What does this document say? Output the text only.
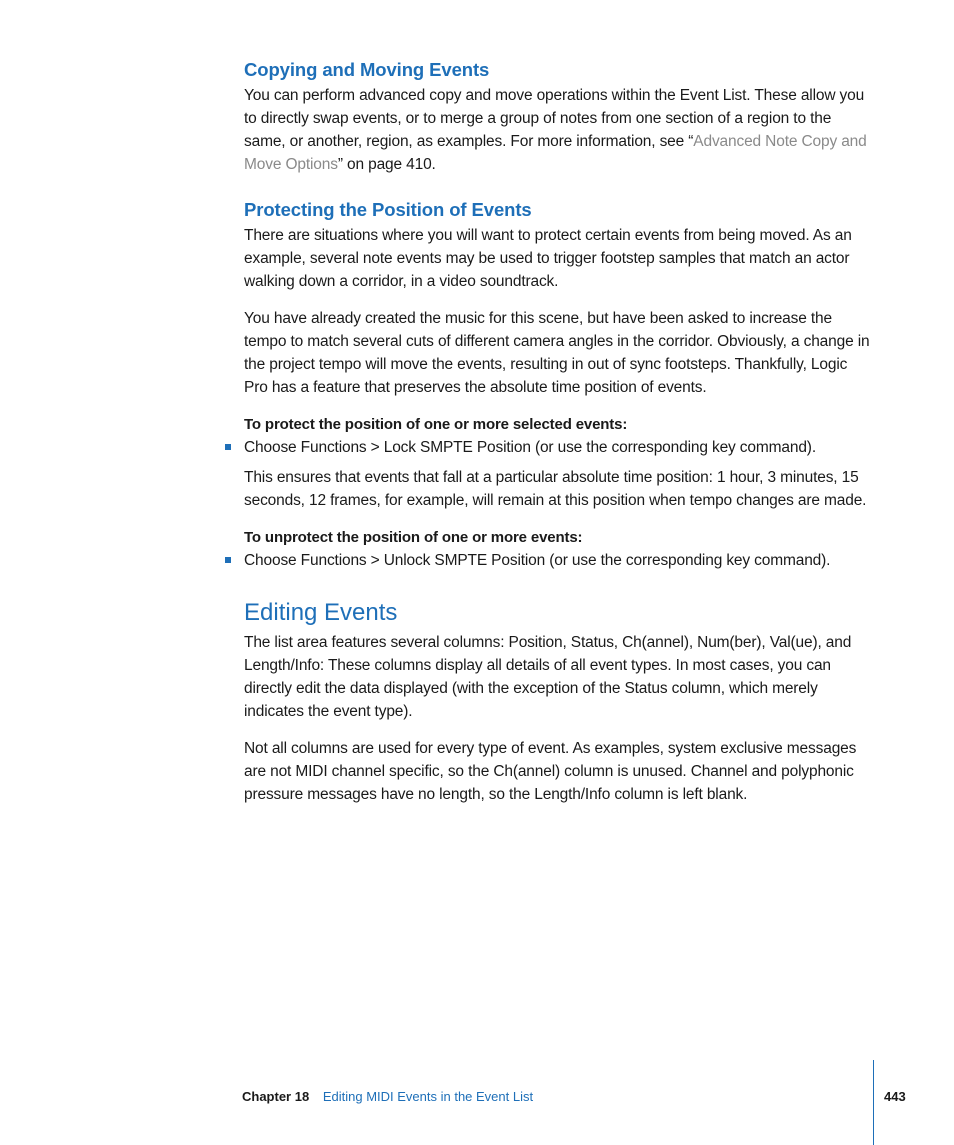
Copying and Moving Events

You can perform advanced copy and move operations within the Event List. These allow you to directly swap events, or to merge a group of notes from one section of a region to the same, or another, region, as examples. For more information, see “Advanced Note Copy and Move Options” on page 410.

Protecting the Position of Events

There are situations where you will want to protect certain events from being moved. As an example, several note events may be used to trigger footstep samples that match an actor walking down a corridor, in a video soundtrack.

You have already created the music for this scene, but have been asked to increase the tempo to match several cuts of different camera angles in the corridor. Obviously, a change in the project tempo will move the events, resulting in out of sync footsteps. Thankfully, Logic Pro has a feature that preserves the absolute time position of events.

To protect the position of one or more selected events:

Choose Functions > Lock SMPTE Position (or use the corresponding key command).

This ensures that events that fall at a particular absolute time position: 1 hour, 3 minutes, 15 seconds, 12 frames, for example, will remain at this position when tempo changes are made.

To unprotect the position of one or more events:

Choose Functions > Unlock SMPTE Position (or use the corresponding key command).

Editing Events

The list area features several columns: Position, Status, Ch(annel), Num(ber), Val(ue), and Length/Info: These columns display all details of all event types. In most cases, you can directly edit the data displayed (with the exception of the Status column, which merely indicates the event type).

Not all columns are used for every type of event. As examples, system exclusive messages are not MIDI channel specific, so the Ch(annel) column is unused. Channel and polyphonic pressure messages have no length, so the Length/Info column is left blank.

Chapter 18 Editing MIDI Events in the Event List	443
